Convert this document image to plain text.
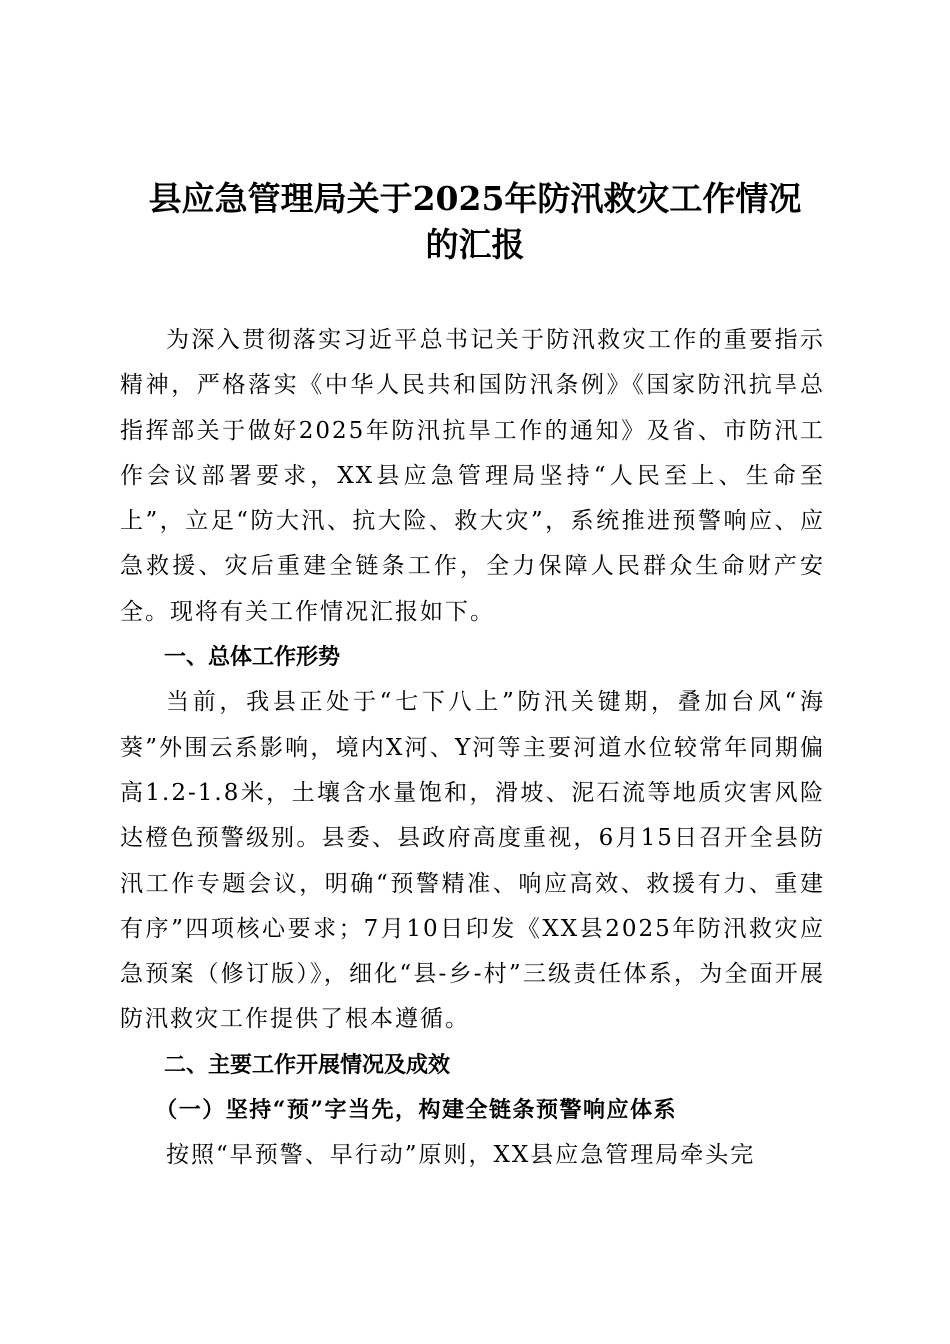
县应急管理局关于2025年防汛救灾工作情况
的汇报

为深入贯彻落实习近平总书记关于防汛救灾工作的重要指示精神，严格落实《中华人民共和国防汛条例》《国家防汛抗旱总指挥部关于做好2025年防汛抗旱工作的通知》及省、市防汛工作会议部署要求，XX县应急管理局坚持“人民至上、生命至上”，立足“防大汛、抗大险、救大灾”，系统推进预警响应、应急救援、灾后重建全链条工作，全力保障人民群众生命财产安全。现将有关工作情况汇报如下。

一、总体工作形势

当前，我县正处于“七下八上”防汛关键期，叠加台风“海葵”外围云系影响，境内X河、Y河等主要河道水位较常年同期偏高1.2-1.8米，土壤含水量饱和，滑坡、泥石流等地质灾害风险达橙色预警级别。县委、县政府高度重视，6月15日召开全县防汛工作专题会议，明确“预警精准、响应高效、救援有力、重建有序”四项核心要求；7月10日印发《XX县2025年防汛救灾应急预案（修订版）》，细化“县-乡-村”三级责任体系，为全面开展防汛救灾工作提供了根本遵循。

二、主要工作开展情况及成效

（一）坚持“预”字当先，构建全链条预警响应体系

按照“早预警、早行动”原则，XX县应急管理局牵头完
